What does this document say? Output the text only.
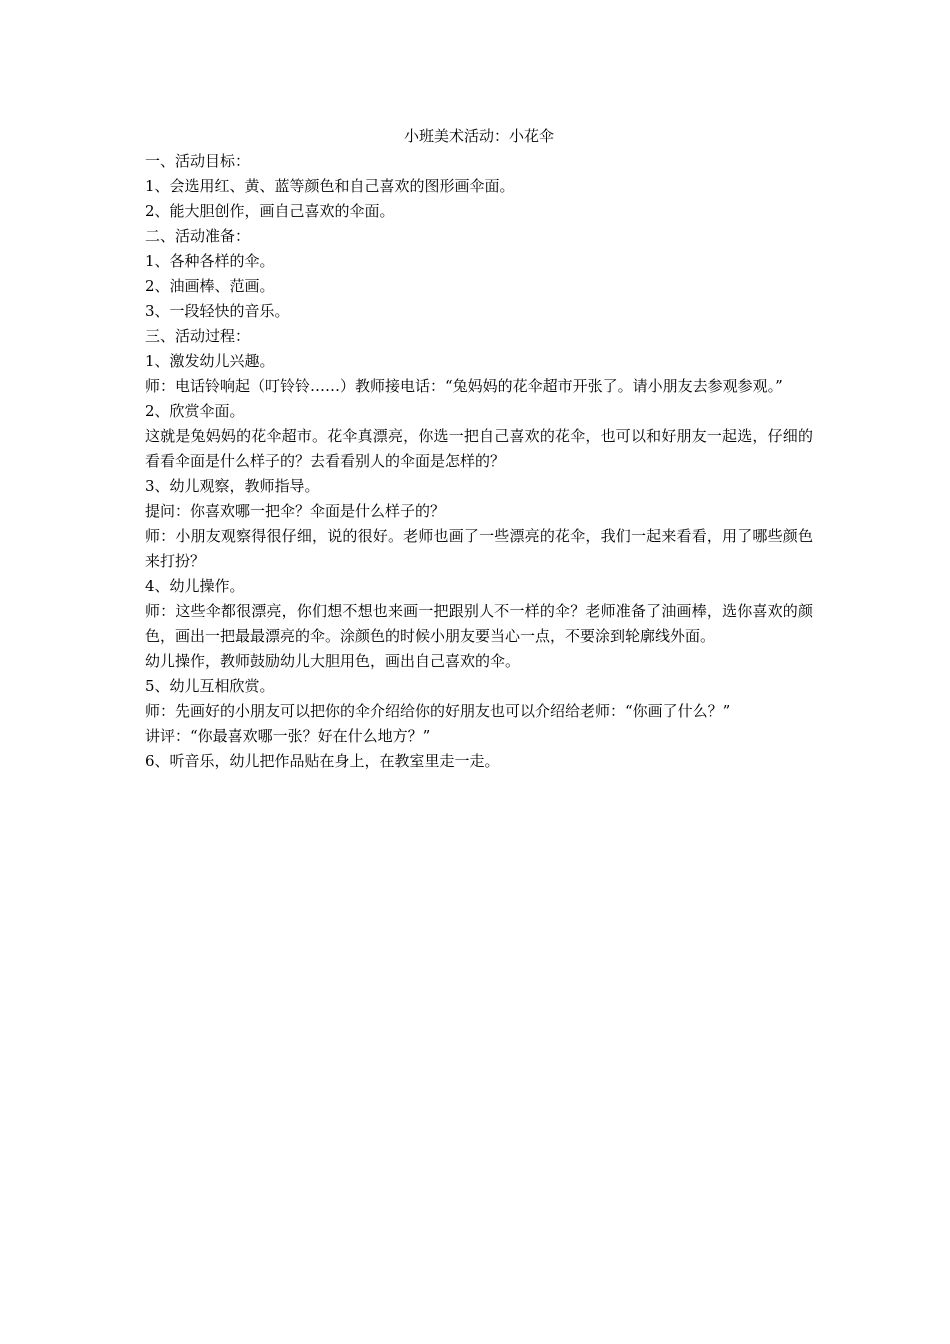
小班美术活动：小花伞

一、活动目标：

1、会选用红、黄、蓝等颜色和自己喜欢的图形画伞面。

2、能大胆创作，画自己喜欢的伞面。

二、活动准备：

1、各种各样的伞。

2、油画棒、范画。

3、一段轻快的音乐。

三、活动过程：

1、激发幼儿兴趣。

师：电话铃响起（叮铃铃……）教师接电话：“兔妈妈的花伞超市开张了。请小朋友去参观参观。”

2、欣赏伞面。

这就是兔妈妈的花伞超市。花伞真漂亮，你选一把自己喜欢的花伞，也可以和好朋友一起选，仔细的看看伞面是什么样子的？去看看别人的伞面是怎样的？

3、幼儿观察，教师指导。

提问：你喜欢哪一把伞？伞面是什么样子的？

师：小朋友观察得很仔细，说的很好。老师也画了一些漂亮的花伞，我们一起来看看，用了哪些颜色来打扮？

4、幼儿操作。

师：这些伞都很漂亮，你们想不想也来画一把跟别人不一样的伞？老师准备了油画棒，选你喜欢的颜色，画出一把最最漂亮的伞。涂颜色的时候小朋友要当心一点，不要涂到轮廓线外面。

幼儿操作，教师鼓励幼儿大胆用色，画出自己喜欢的伞。

5、幼儿互相欣赏。

师：先画好的小朋友可以把你的伞介绍给你的好朋友也可以介绍给老师：“你画了什么？”

讲评：“你最喜欢哪一张？好在什么地方？”

6、听音乐，幼儿把作品贴在身上，在教室里走一走。
